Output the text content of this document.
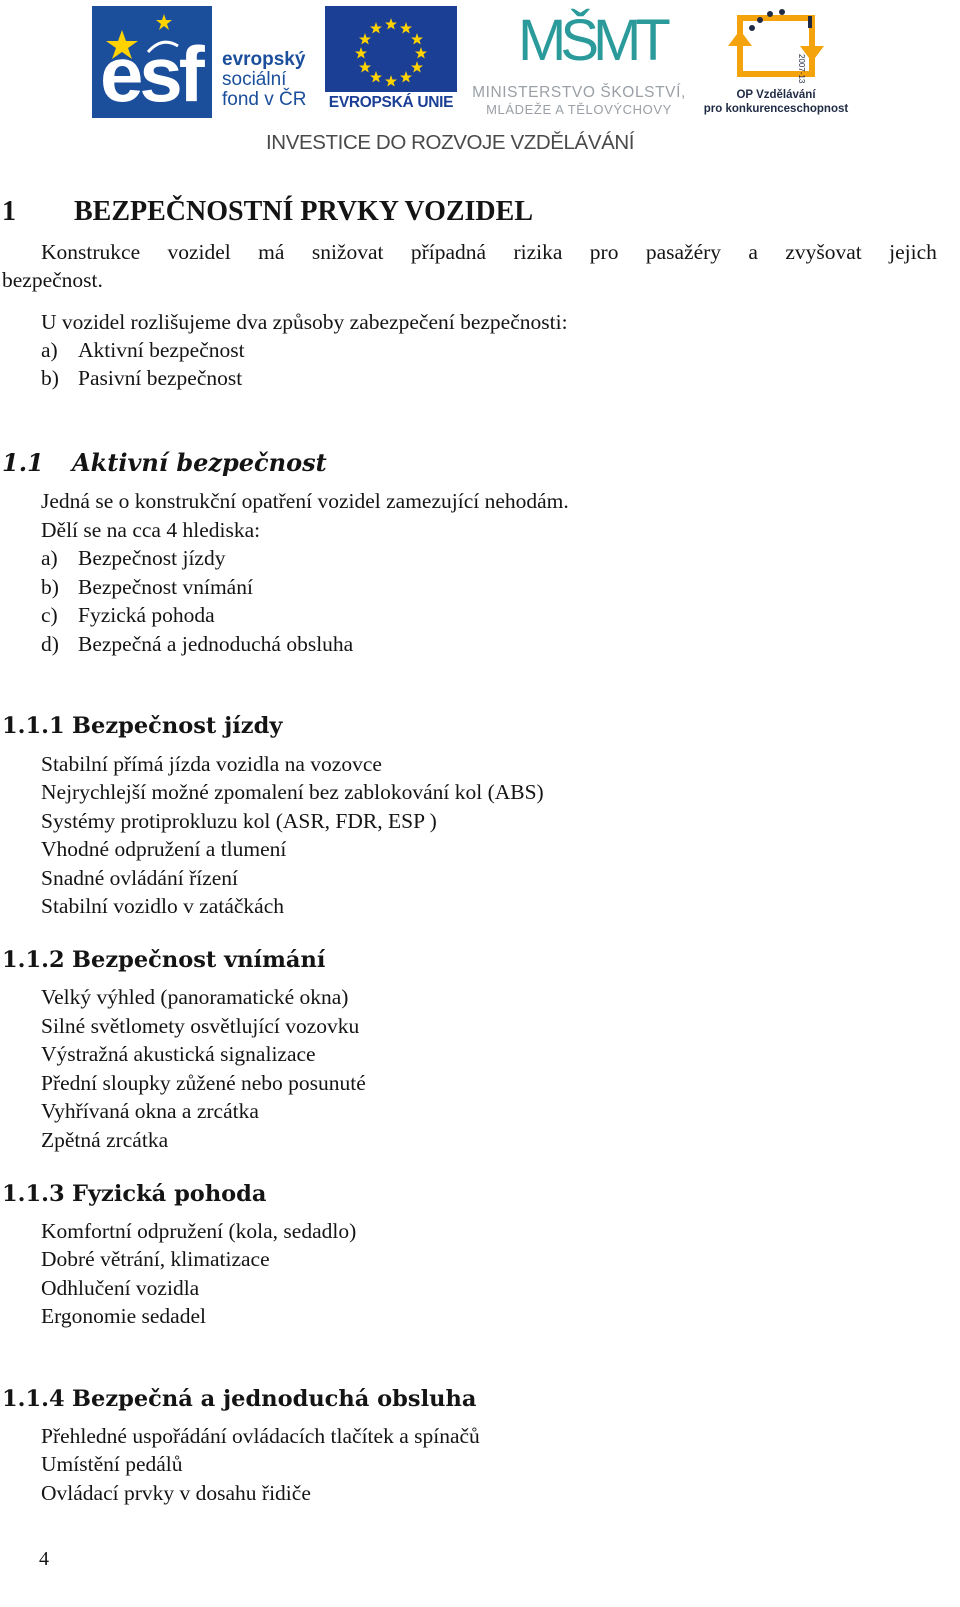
esf evropský
sociální
fond v ČR EVROPSKÁ UNIE
MŠMT
MINISTERSTVO ŠKOLSTVÍ,
MLÁDEŽE A TĚLOVÝCHOVY
2007-13
OP Vzdělávání
pro konkurenceschopnost
INVESTICE DO ROZVOJE VZDĚLÁVÁNÍ
1 BEZPEČNOSTNÍ PRVKY VOZIDEL
Konstrukce vozidel má snižovat případná rizika pro pasažéry a zvyšovat jejich
bezpečnost.
U vozidel rozlišujeme dva způsoby zabezpečení bezpečnosti:
a) Aktivní bezpečnost
b) Pasivní bezpečnost
1.1 Aktivní bezpečnost
Jedná se o konstrukční opatření vozidel zamezující nehodám.
Dělí se na cca 4 hlediska:
a) Bezpečnost jízdy
b) Bezpečnost vnímání
c) Fyzická pohoda
d) Bezpečná a jednoduchá obsluha
1.1.1 Bezpečnost jízdy
Stabilní přímá jízda vozidla na vozovce
Nejrychlejší možné zpomalení bez zablokování kol (ABS)
Systémy protiprokluzu kol (ASR, FDR, ESP )
Vhodné odpružení a tlumení
Snadné ovládání řízení
Stabilní vozidlo v zatáčkách
1.1.2 Bezpečnost vnímání
Velký výhled (panoramatické okna)
Silné světlomety osvětlující vozovku
Výstražná akustická signalizace
Přední sloupky zůžené nebo posunuté
Vyhřívaná okna a zrcátka
Zpětná zrcátka
1.1.3 Fyzická pohoda
Komfortní odpružení (kola, sedadlo)
Dobré větrání, klimatizace
Odhlučení vozidla
Ergonomie sedadel
1.1.4 Bezpečná a jednoduchá obsluha
Přehledné uspořádání ovládacích tlačítek a spínačů
Umístění pedálů
Ovládací prvky v dosahu řidiče
4
